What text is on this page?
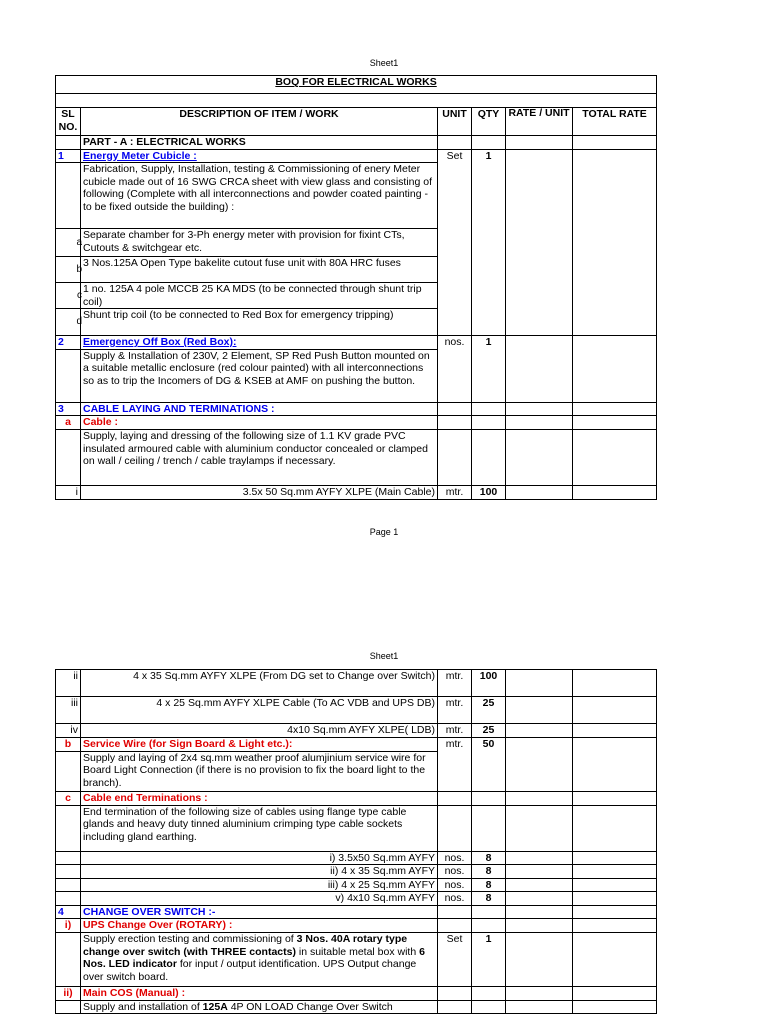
Sheet1
BOQ FOR ELECTRICAL WORKS					

SL NO.	DESCRIPTION OF ITEM / WORK	UNIT	QTY	RATE / UNIT	TOTAL RATE
	PART - A : ELECTRICAL WORKS				
1	Energy Meter Cubicle :	Set	1		
	Fabrication, Supply, Installation, testing & Commissioning of enery Meter cubicle made out of 16 SWG CRCA sheet with view glass and consisting of following (Complete with all interconnections and powder coated painting - to be fixed outside the building) :				

a	Separate chamber for 3-Ph energy meter with provision for fixint CTs, Cutouts & switchgear etc.				

b	3 Nos.125A Open Type bakelite cutout fuse unit with 80A HRC fuses				

c	1 no. 125A 4 pole MCCB 25 KA MDS (to be connected through shunt trip coil)				

d	Shunt trip coil (to be connected to Red Box for emergency tripping)				
2	Emergency Off Box (Red Box):	nos.	1		
	Supply & Installation of 230V, 2 Element, SP Red Push Button mounted on a suitable metallic enclosure (red colour painted) with all interconnections so as to trip the Incomers of DG & KSEB at AMF on pushing the button.				
3	CABLE LAYING AND TERMINATIONS :				
a	Cable :				
	Supply, laying and dressing of the following size of 1.1 KV grade PVC insulated armoured cable with aluminium conductor concealed or clamped on wall / ceiling / trench / cable traylamps if necessary.				
i	3.5x 50 Sq.mm AYFY XLPE (Main Cable)	mtr.	100		
Page 1
Sheet1
ii	4 x 35 Sq.mm AYFY XLPE (From DG set to Change over Switch)	mtr.	100		
iii	4 x 25 Sq.mm AYFY XLPE Cable (To AC VDB and UPS DB)	mtr.	25		
iv	4x10 Sq.mm AYFY XLPE( LDB)	mtr.	25		
b	Service Wire (for Sign Board & Light etc.):	mtr.	50		
	Supply and laying of 2x4 sq.mm weather proof alumjinium service wire for Board Light Connection (if there is no provision to fix the board light to the branch).				
c	Cable end Terminations :				
	End termination of the following size of cables using flange type cable glands and heavy duty tinned aluminium crimping type cable sockets including gland earthing.				
	i) 3.5x50 Sq.mm AYFY	nos.	8		
	ii) 4 x 35 Sq.mm AYFY	nos.	8		
	iii) 4 x 25 Sq.mm AYFY	nos.	8		
	v) 4x10 Sq.mm AYFY	nos.	8		
4	CHANGE OVER SWITCH :-				
i)	UPS Change Over (ROTARY) :				
	Supply erection testing and commissioning of 3 Nos. 40A rotary type change over switch (with THREE contacts) in suitable metal box with 6 Nos. LED indicator for input / output identification. UPS Output change over switch board.	Set	1		
ii)	Main COS (Manual) :				
	Supply and installation of 125A 4P ON LOAD Change Over Switch				
